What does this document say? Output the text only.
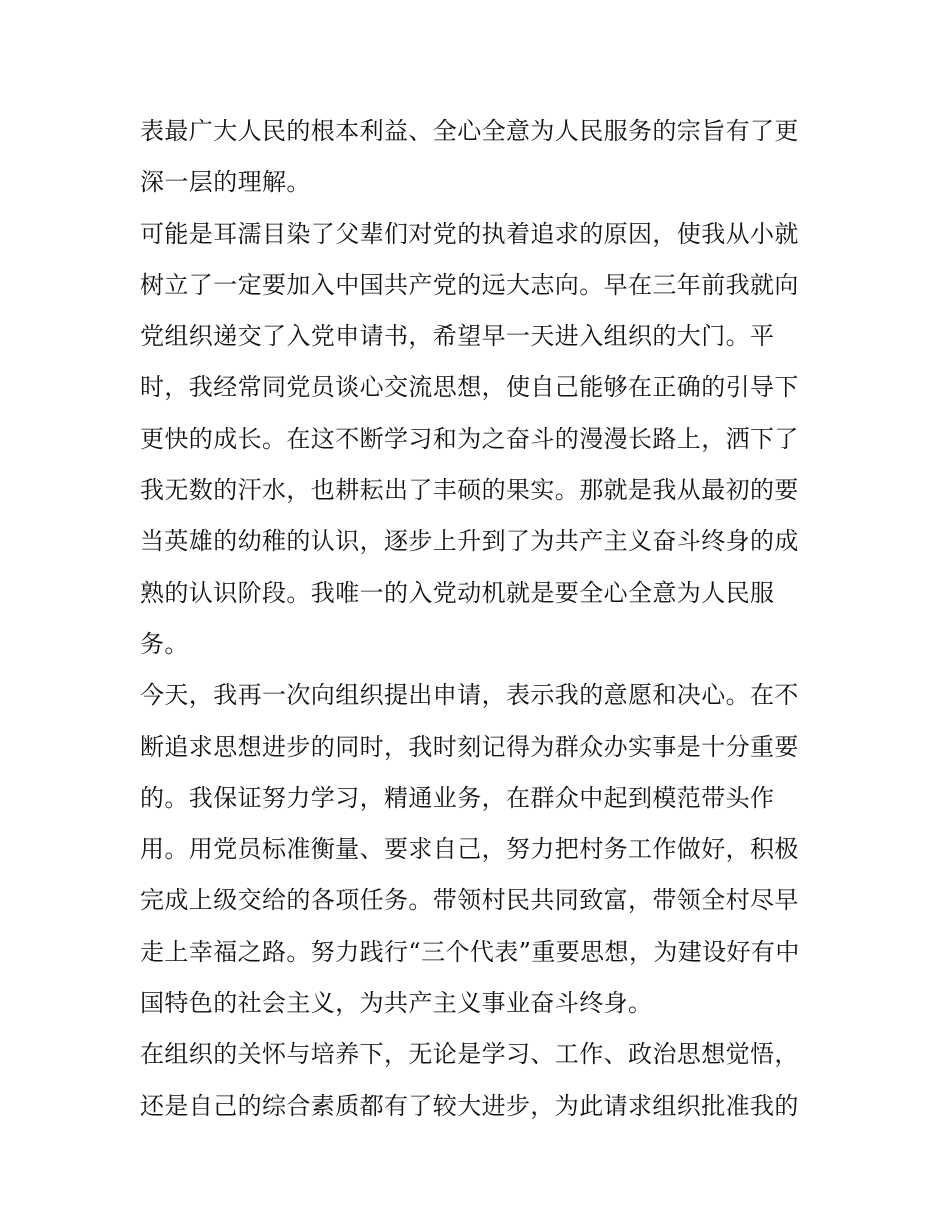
表最广大人民的根本利益、全心全意为人民服务的宗旨有了更
深一层的理解。
可能是耳濡目染了父辈们对党的执着追求的原因，使我从小就
树立了一定要加入中国共产党的远大志向。早在三年前我就向
党组织递交了入党申请书，希望早一天进入组织的大门。平
时，我经常同党员谈心交流思想，使自己能够在正确的引导下
更快的成长。在这不断学习和为之奋斗的漫漫长路上，洒下了
我无数的汗水，也耕耘出了丰硕的果实。那就是我从最初的要
当英雄的幼稚的认识，逐步上升到了为共产主义奋斗终身的成
熟的认识阶段。我唯一的入党动机就是要全心全意为人民服
务。
今天，我再一次向组织提出申请，表示我的意愿和决心。在不
断追求思想进步的同时，我时刻记得为群众办实事是十分重要
的。我保证努力学习，精通业务，在群众中起到模范带头作
用。用党员标准衡量、要求自己，努力把村务工作做好，积极
完成上级交给的各项任务。带领村民共同致富，带领全村尽早
走上幸福之路。努力践行“三个代表”重要思想，为建设好有中
国特色的社会主义，为共产主义事业奋斗终身。
在组织的关怀与培养下，无论是学习、工作、政治思想觉悟，
还是自己的综合素质都有了较大进步，为此请求组织批准我的
